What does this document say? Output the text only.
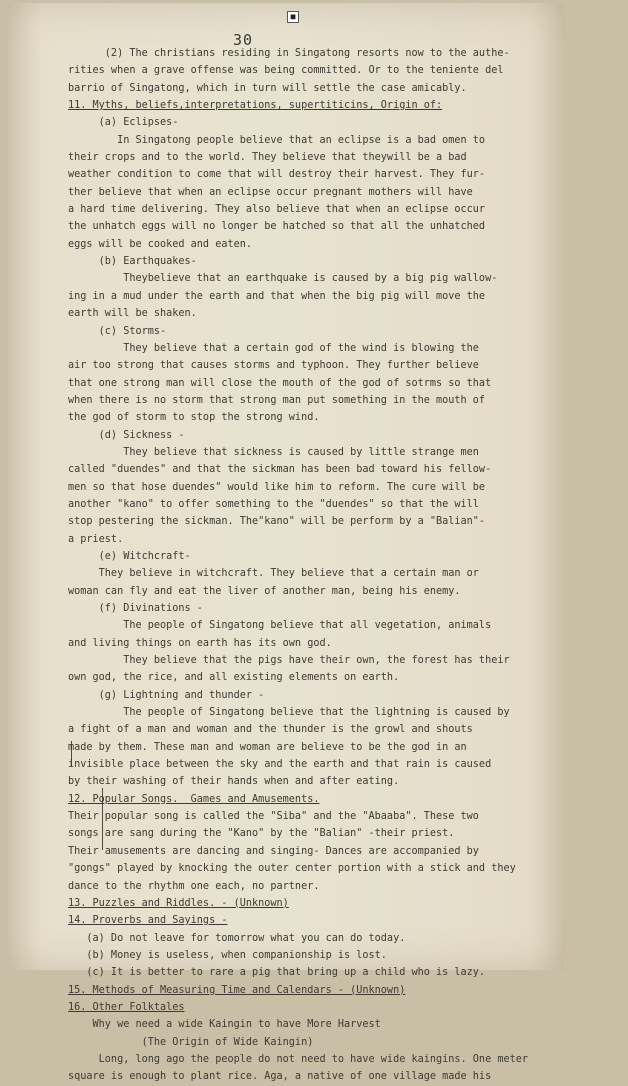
■
30
(2) The christians residing in Singatong resorts now to the authe-
rities when a grave offense was being committed. Or to the teniente del
barrio of Singatong, which in turn will settle the case amicably.
11. Myths, beliefs,interpretations, supertiticins, Origin of:
(a) Eclipses-
In Singatong people believe that an eclipse is a bad omen to
their crops and to the world. They believe that theywill be a bad
weather condition to come that will destroy their harvest. They fur-
ther believe that when an eclipse occur pregnant mothers will have
a hard time delivering. They also believe that when an eclipse occur
the unhatch eggs will no longer be hatched so that all the unhatched
eggs will be cooked and eaten.
(b) Earthquakes-
Theybelieve that an earthquake is caused by a big pig wallow-
ing in a mud under the earth and that when the big pig will move the
earth will be shaken.
(c) Storms-
They believe that a certain god of the wind is blowing the
air too strong that causes storms and typhoon. They further believe
that one strong man will close the mouth of the god of sotrms so that
when there is no storm that strong man put something in the mouth of
the god of storm to stop the strong wind.
(d) Sickness -
They believe that sickness is caused by little strange men
called "duendes" and that the sickman has been bad toward his fellow-
men so that hose duendes" would like him to reform. The cure will be
another "kano" to offer something to the "duendes" so that the will
stop pestering the sickman. The"kano" will be perform by a "Balian"-
a priest.
(e) Witchcraft-
They believe in witchcraft. They believe that a certain man or
woman can fly and eat the liver of another man, being his enemy.
(f) Divinations -
The people of Singatong believe that all vegetation, animals
and living things on earth has its own god.
They believe that the pigs have their own, the forest has their
own god, the rice, and all existing elements on earth.
(g) Lightning and thunder -
The people of Singatong believe that the lightning is caused by
a fight of a man and woman and the thunder is the growl and shouts
made by them. These man and woman are believe to be the god in an
invisible place between the sky and the earth and that rain is caused
by their washing of their hands when and after eating.
12. Popular Songs.  Games and Amusements.
Their popular song is called the "Siba" and the "Abaaba". These two
songs are sang during the "Kano" by the "Balian" -their priest.
Their amusements are dancing and singing- Dances are accompanied by
"gongs" played by knocking the outer center portion with a stick and they
dance to the rhythm one each, no partner.
13. Puzzles and Riddles. - (Unknown)
14. Proverbs and Sayings -
(a) Do not leave for tomorrow what you can do today.
(b) Money is useless, when companionship is lost.
(c) It is better to rare a pig that bring up a child who is lazy.
15. Methods of Measuring Time and Calendars - (Unknown)
16. Other Folktales
Why we need a wide Kaingin to have More Harvest
(The Origin of Wide Kaingin)
Long, long ago the people do not need to have wide kaingins. One meter
square is enough to plant rice. Aga, a native of one village made his
